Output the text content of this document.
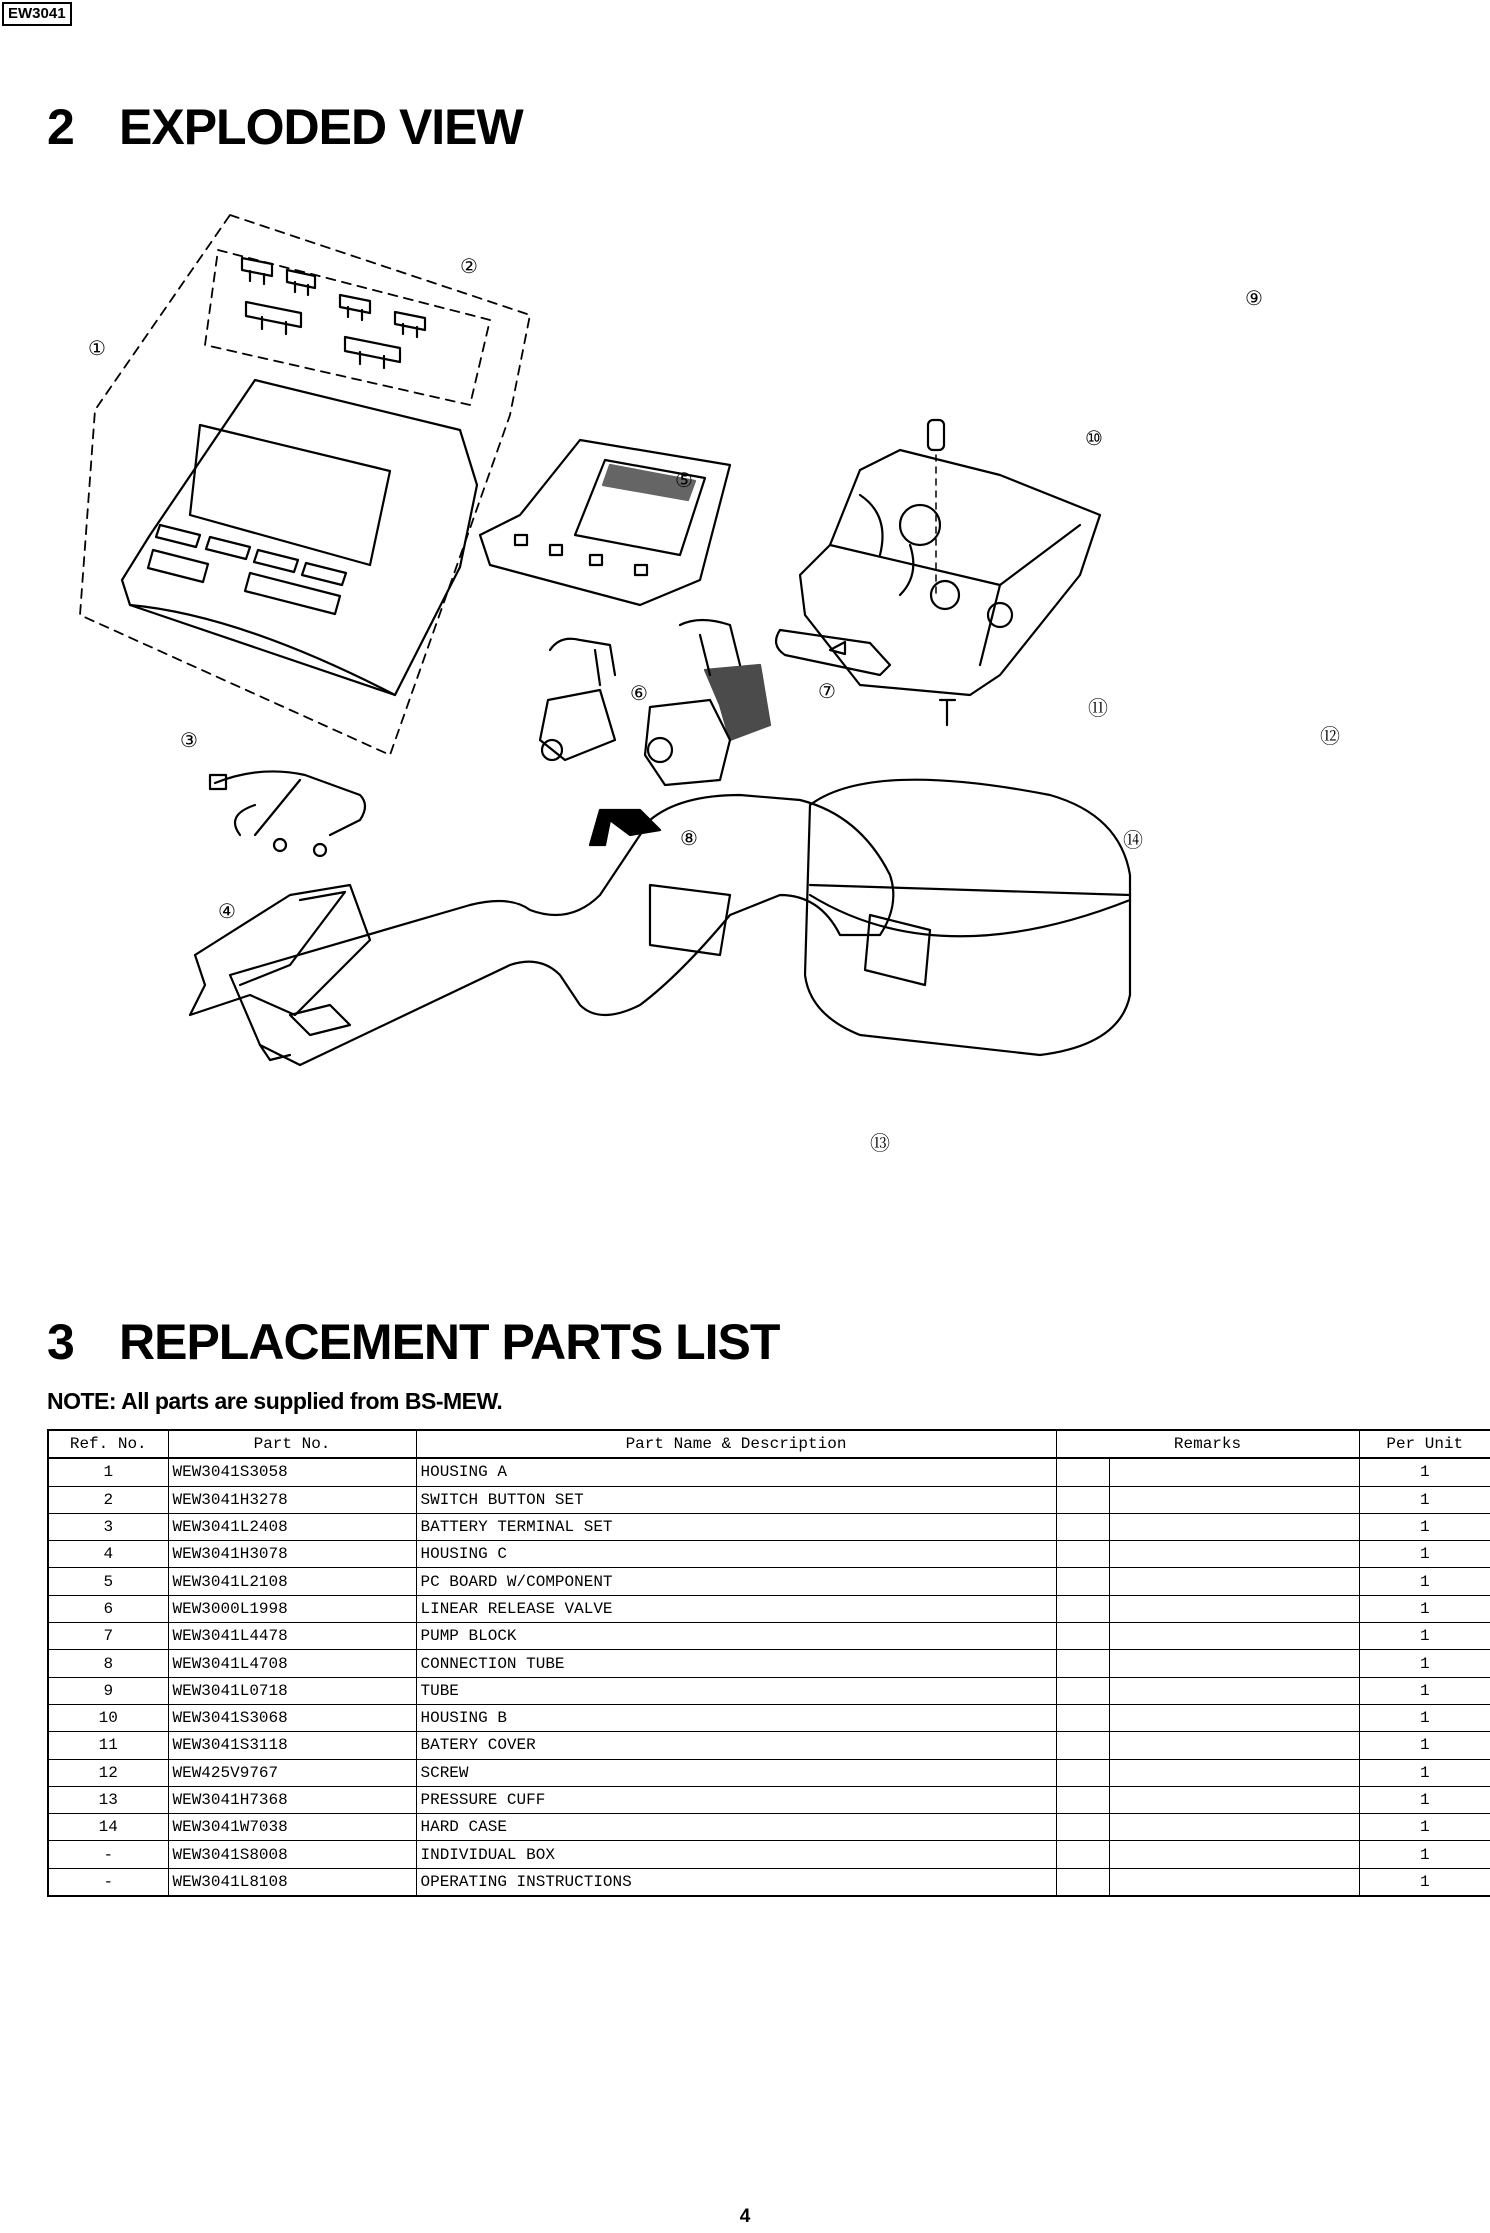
EW3041
2 EXPLODED VIEW
①
②
③
④
⑤
⑥	⑦
⑧
⑨
⑩
⑪
⑫
⑬
⑭
3 REPLACEMENT PARTS LIST
NOTE: All parts are supplied from BS-MEW.
Ref. No.	Part No.	Part Name & Description	Remarks		Per Unit
1	WEW3041S3058	HOUSING A			1
2	WEW3041H3278	SWITCH BUTTON SET			1
3	WEW3041L2408	BATTERY TERMINAL SET			1
4	WEW3041H3078	HOUSING C			1
5	WEW3041L2108	PC BOARD W/COMPONENT			1
6	WEW3000L1998	LINEAR RELEASE VALVE			1
7	WEW3041L4478	PUMP BLOCK			1
8	WEW3041L4708	CONNECTION TUBE			1
9	WEW3041L0718	TUBE			1
10	WEW3041S3068	HOUSING B			1
11	WEW3041S3118	BATERY COVER			1
12	WEW425V9767	SCREW			1
13	WEW3041H7368	PRESSURE CUFF			1
14	WEW3041W7038	HARD CASE			1
-	WEW3041S8008	INDIVIDUAL BOX			1
-	WEW3041L8108	OPERATING INSTRUCTIONS			1
4
